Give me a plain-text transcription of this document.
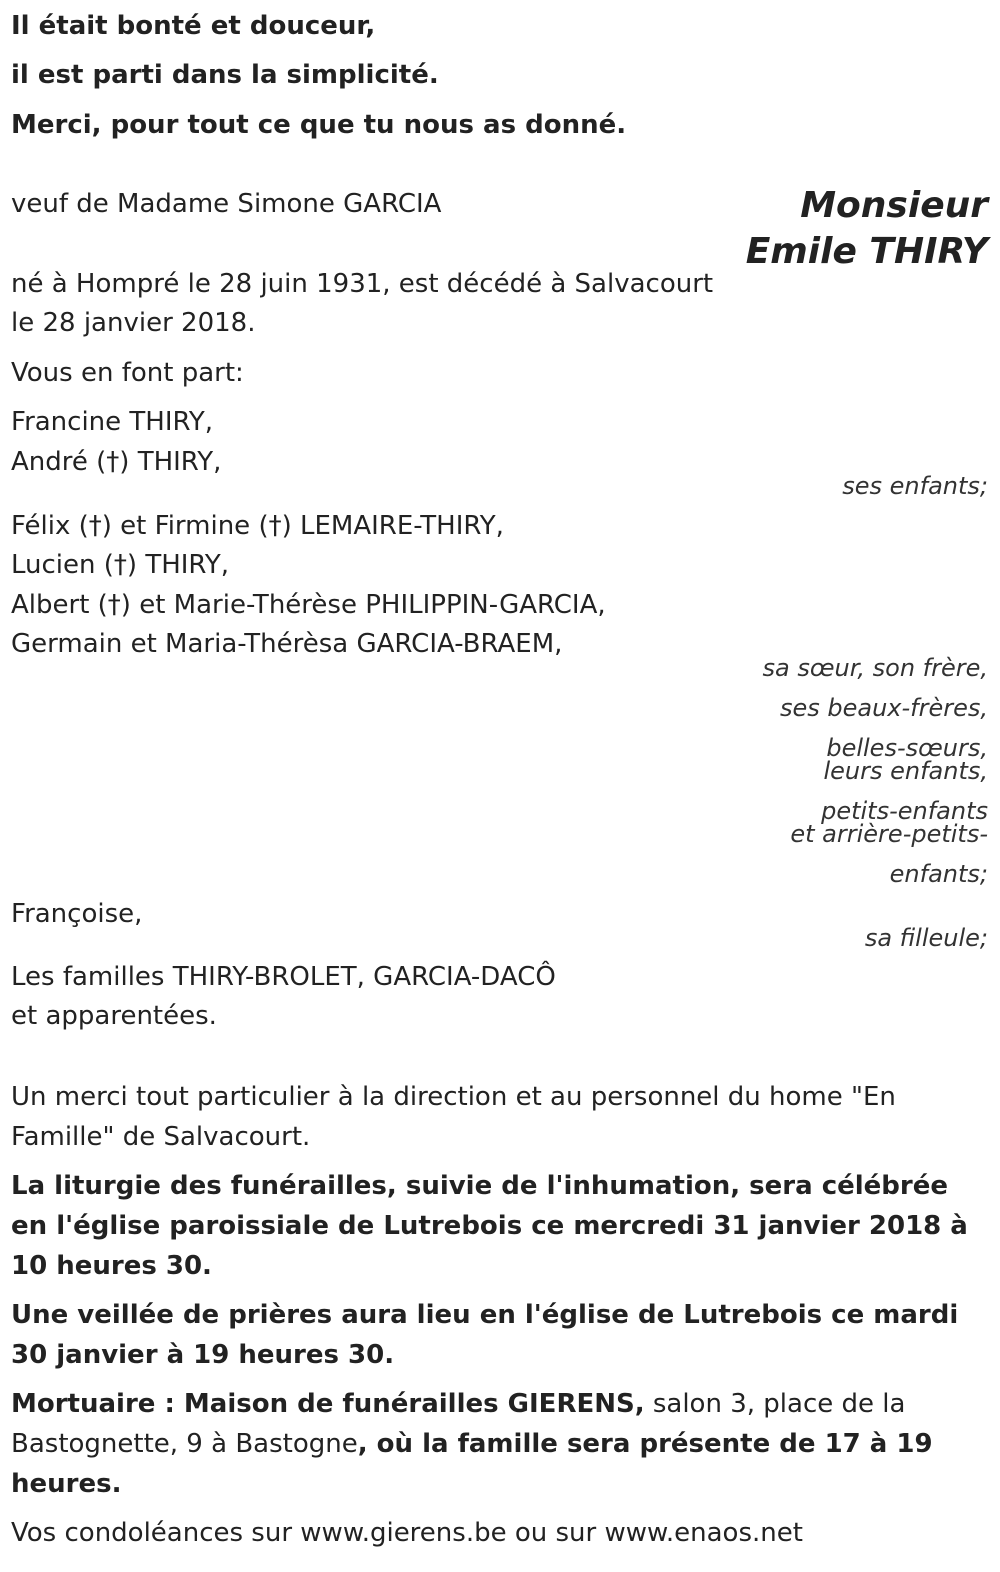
Il était bonté et douceur,

il est parti dans la simplicité.

Merci, pour tout ce que tu nous as donné.

Monsieur
Emile THIRY

veuf de Madame Simone GARCIA

né à Hompré le 28 juin 1931, est décédé à Salvacourt

le 28 janvier 2018.

Vous en font part:

Francine THIRY,

André (†) THIRY,

ses enfants;

Félix (†) et Firmine (†) LEMAIRE-THIRY,

Lucien (†) THIRY,

Albert (†) et Marie-Thérèse PHILIPPIN-GARCIA,

Germain et Maria-Thérèsa GARCIA-BRAEM,

sa sœur, son frère,
ses beaux-frères,
belles-sœurs,
leurs enfants,
petits-enfants
et arrière-petits-
enfants;

Françoise,

sa filleule;

Les familles THIRY-BROLET, GARCIA-DACÔ

et apparentées.

Un merci tout particulier à la direction et au personnel du home "En Famille" de Salvacourt.

La liturgie des funérailles, suivie de l'inhumation, sera célébrée en l'église paroissiale de Lutrebois ce mercredi 31 janvier 2018 à 10 heures 30.

Une veillée de prières aura lieu en l'église de Lutrebois ce mardi 30 janvier à 19 heures 30.

Mortuaire : Maison de funérailles GIERENS, salon 3, place de la Bastognette, 9 à Bastogne, où la famille sera présente de 17 à 19 heures.

Vos condoléances sur www.gierens.be ou sur www.enaos.net
